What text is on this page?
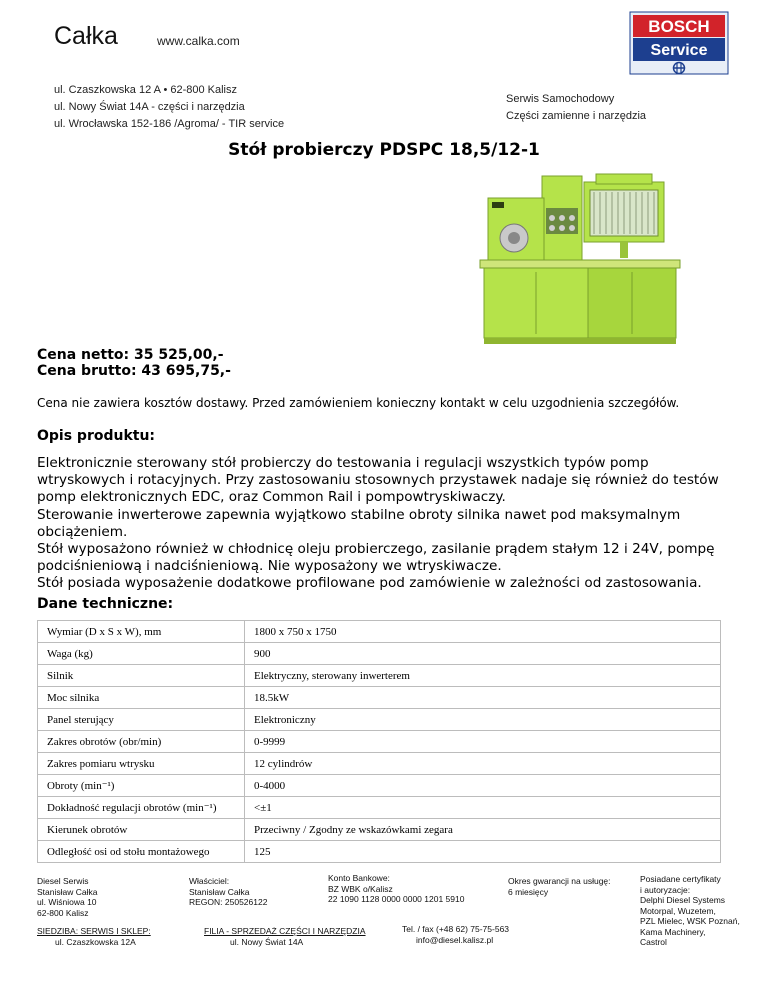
Całka	www.calka.com
BOSCH
Service
ul. Czaszkowska 12 A • 62-800 Kalisz
ul. Nowy Świat 14A - części i narzędzia
ul. Wrocławska 152-186 /Agroma/ - TIR service
Serwis Samochodowy
Części zamienne i narzędzia
Stół probierczy PDSPC 18,5/12-1
Cena netto: 35 525,00,-
Cena brutto: 43 695,75,-
Cena nie zawiera kosztów dostawy. Przed zamówieniem konieczny kontakt w celu uzgodnienia szczegółów.
Opis produktu:

Elektronicznie sterowany stół probierczy do testowania i regulacji wszystkich typów pomp wtryskowych i rotacyjnych. Przy zastosowaniu stosownych przystawek nadaje się również do testów pomp elektronicznych EDC, oraz Common Rail i pompowtryskiwaczy.

Sterowanie inwerterowe zapewnia wyjątkowo stabilne obroty silnika nawet pod maksymalnym obciążeniem.

Stół wyposażono również w chłodnicę oleju probierczego, zasilanie prądem stałym 12 i 24V, pompę podciśnieniową i nadciśnieniową. Nie wyposażony we wtryskiwacze.

Stół posiada wyposażenie dodatkowe profilowane pod zamówienie w zależności od zastosowania.

Dane techniczne:
Wymiar (D x S x W), mm	1800 x 750 x 1750
Waga (kg)	900
Silnik	Elektryczny, sterowany inwerterem
Moc silnika	18.5kW
Panel sterujący	Elektroniczny
Zakres obrotów (obr/min)	0-9999
Zakres pomiaru wtrysku	12 cylindrów
Obroty (min⁻¹)	0-4000
Dokładność regulacji obrotów (min⁻¹)	<±1
Kierunek obrotów	Przeciwny / Zgodny ze wskazówkami zegara
Odległość osi od stołu montażowego	125
Diesel Serwis
Stanisław Całka
ul. Wiśniowa 10
62-800 Kalisz
SIEDZIBA: SERWIS I SKLEP:
ul. Czaszkowska 12A
Właściciel:
Stanisław Całka
REGON: 250526122
FILIA - SPRZEDAŻ CZĘŚCI I NARZĘDZIA
ul. Nowy Świat 14A
Konto Bankowe:
BZ WBK o/Kalisz
22 1090 1128 0000 0000 1201 5910
Tel. / fax (+48 62) 75-75-563
info@diesel.kalisz.pl
Okres gwarancji na usługę:
6 miesięcy
Posiadane certyfikaty
i autoryzacje:
Delphi Diesel Systems
Motorpal, Wuzetem,
PZL Mielec, WSK Poznań,
Kama Machinery,
Castrol
